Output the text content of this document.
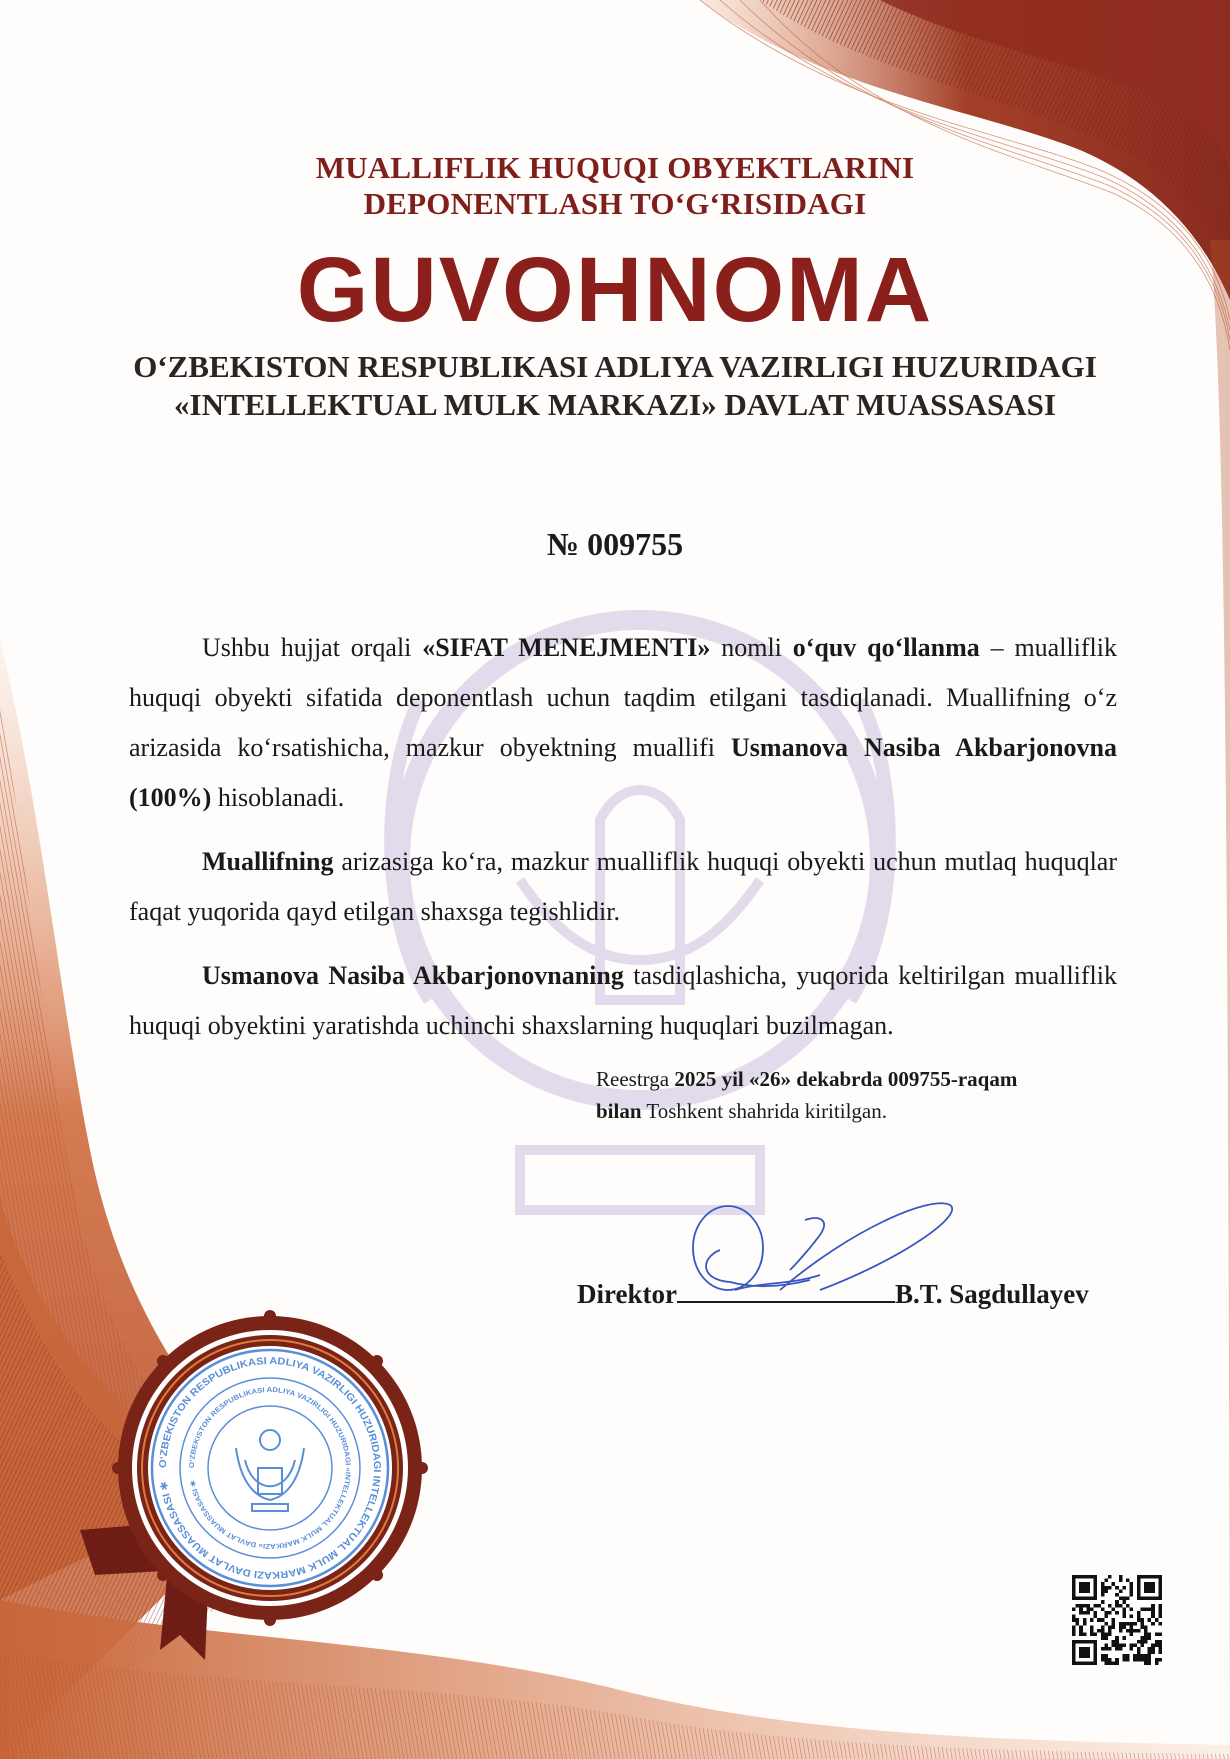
O‘ZBEKISTON RESPUBLIKASI ADLIYA VAZIRLIGI HUZURIDAGI INTELLEKTUAL MULK MARKAZI DAVLAT MUASSASASI ✱
O‘ZBEKISTON RESPUBLIKASI ADLIYA VAZIRLIGI HUZURIDAGI «INTELLEKTUAL MULK MARKAZI» DAVLAT MUASSASASI ✱
MUALLIFLIK HUQUQI OBYEKTLARINI
DEPONENTLASH TO‘G‘RISIDAGI
GUVOHNOMA
O‘ZBEKISTON RESPUBLIKASI ADLIYA VAZIRLIGI HUZURIDAGI
«INTELLEKTUAL MULK MARKAZI» DAVLAT MUASSASASI
№ 009755

Ushbu hujjat orqali «SIFAT MENEJMENTI» nomli o‘quv qo‘llanma – mualliflik huquqi obyekti sifatida deponentlash uchun taqdim etilgani tasdiqlanadi. Muallifning o‘z arizasida ko‘rsatishicha, mazkur obyektning muallifi Usmanova Nasiba Akbarjonovna (100%) hisoblanadi.

Muallifning arizasiga ko‘ra, mazkur mualliflik huquqi obyekti uchun mutlaq huquqlar faqat yuqorida qayd etilgan shaxsga tegishlidir.

Usmanova Nasiba Akbarjonovnaning tasdiqlashicha, yuqorida keltirilgan mualliflik huquqi obyektini yaratishda uchinchi shaxslarning huquqlari buzilmagan.

Reestrga 2025 yil «26» dekabrda 009755-raqam
bilan Toshkent shahrida kiritilgan.
Direktor	B.T. Sagdullayev
